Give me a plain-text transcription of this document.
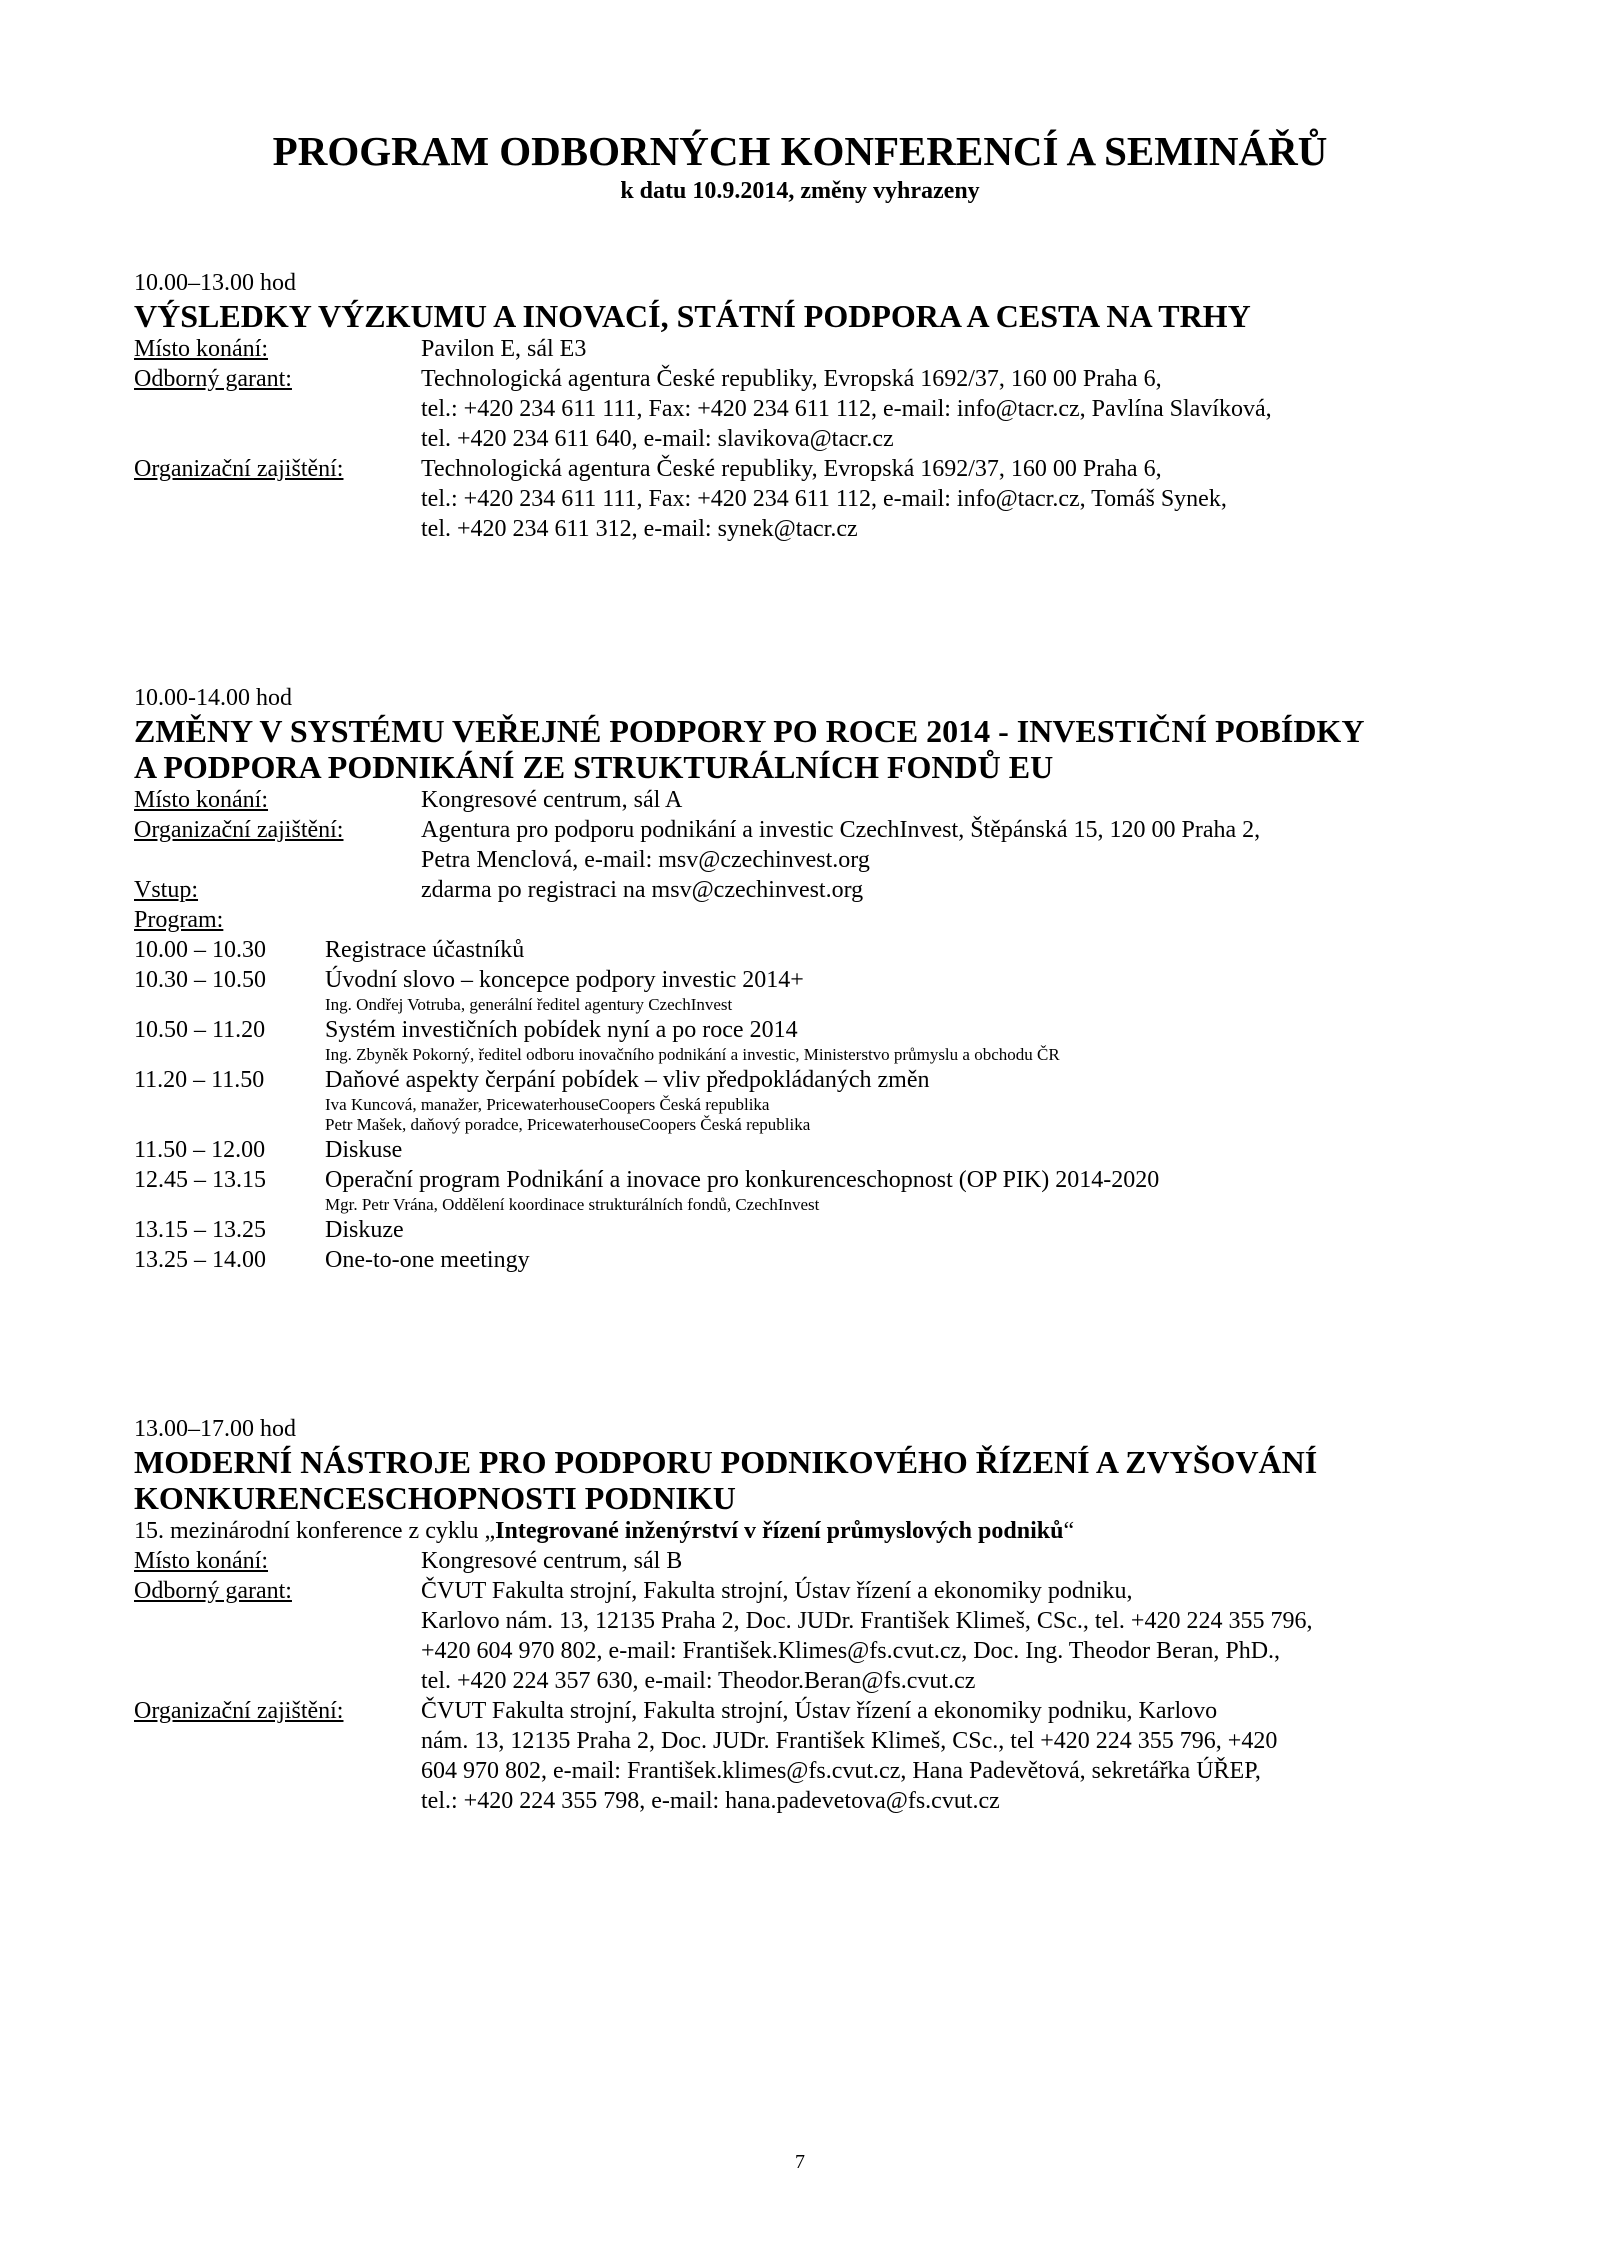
PROGRAM ODBORNÝCH KONFERENCÍ A SEMINÁŘŮ
k datu 10.9.2014, změny vyhrazeny
10.00–13.00 hod
VÝSLEDKY VÝZKUMU A INOVACÍ, STÁTNÍ PODPORA A CESTA NA TRHY
Místo konání:	Pavilon E, sál E3
Odborný garant:	Technologická agentura České republiky, Evropská 1692/37, 160 00 Praha 6,
tel.: +420 234 611 111, Fax: +420 234 611 112, e-mail: info@tacr.cz, Pavlína Slavíková,
tel. +420 234 611 640, e-mail: slavikova@tacr.cz
Organizační zajištění:	Technologická agentura České republiky, Evropská 1692/37, 160 00 Praha 6,
tel.: +420 234 611 111, Fax: +420 234 611 112, e-mail: info@tacr.cz, Tomáš Synek,
tel. +420 234 611 312, e-mail: synek@tacr.cz
10.00-14.00 hod
ZMĚNY V SYSTÉMU VEŘEJNÉ PODPORY PO ROCE 2014 - INVESTIČNÍ POBÍDKY
A PODPORA PODNIKÁNÍ ZE STRUKTURÁLNÍCH FONDŮ EU
Místo konání:	Kongresové centrum, sál A
Organizační zajištění:	Agentura pro podporu podnikání a investic CzechInvest, Štěpánská 15, 120 00 Praha 2,
Petra Menclová, e-mail: msv@czechinvest.org
Vstup:	zdarma po registraci na msv@czechinvest.org
Program:
10.00 – 10.30 Registrace účastníků
10.30 – 10.50 Úvodní slovo – koncepce podpory investic 2014+
Ing. Ondřej Votruba, generální ředitel agentury CzechInvest
10.50 – 11.20 Systém investičních pobídek nyní a po roce 2014
Ing. Zbyněk Pokorný, ředitel odboru inovačního podnikání a investic, Ministerstvo průmyslu a obchodu ČR
11.20 – 11.50	Daňové aspekty čerpání pobídek – vliv předpokládaných změn
Iva Kuncová, manažer, PricewaterhouseCoopers Česká republika
Petr Mašek, daňový poradce, PricewaterhouseCoopers Česká republika
11.50 – 12.00 Diskuse
12.45 – 13.15 Operační program Podnikání a inovace pro konkurenceschopnost (OP PIK) 2014-2020
Mgr. Petr Vrána, Oddělení koordinace strukturálních fondů, CzechInvest
13.15 – 13.25 Diskuze
13.25 – 14.00 One-to-one meetingy
13.00–17.00 hod
MODERNÍ NÁSTROJE PRO PODPORU PODNIKOVÉHO ŘÍZENÍ A ZVYŠOVÁNÍ
KONKURENCESCHOPNOSTI PODNIKU
15. mezinárodní konference z cyklu „Integrované inženýrství v řízení průmyslových podniků“
Místo konání:	Kongresové centrum, sál B
Odborný garant:	ČVUT Fakulta strojní, Fakulta strojní, Ústav řízení a ekonomiky podniku,
Karlovo nám. 13, 12135 Praha 2, Doc. JUDr. František Klimeš, CSc., tel. +420 224 355 796,
+420 604 970 802, e-mail: František.Klimes@fs.cvut.cz, Doc. Ing. Theodor Beran, PhD.,
tel. +420 224 357 630, e-mail: Theodor.Beran@fs.cvut.cz
Organizační zajištění:	ČVUT Fakulta strojní, Fakulta strojní, Ústav řízení a ekonomiky podniku, Karlovo
nám. 13, 12135 Praha 2, Doc. JUDr. František Klimeš, CSc., tel +420 224 355 796, +420
604 970 802, e-mail: František.klimes@fs.cvut.cz, Hana Padevětová, sekretářka ÚŘEP,
tel.: +420 224 355 798, e-mail: hana.padevetova@fs.cvut.cz
7
